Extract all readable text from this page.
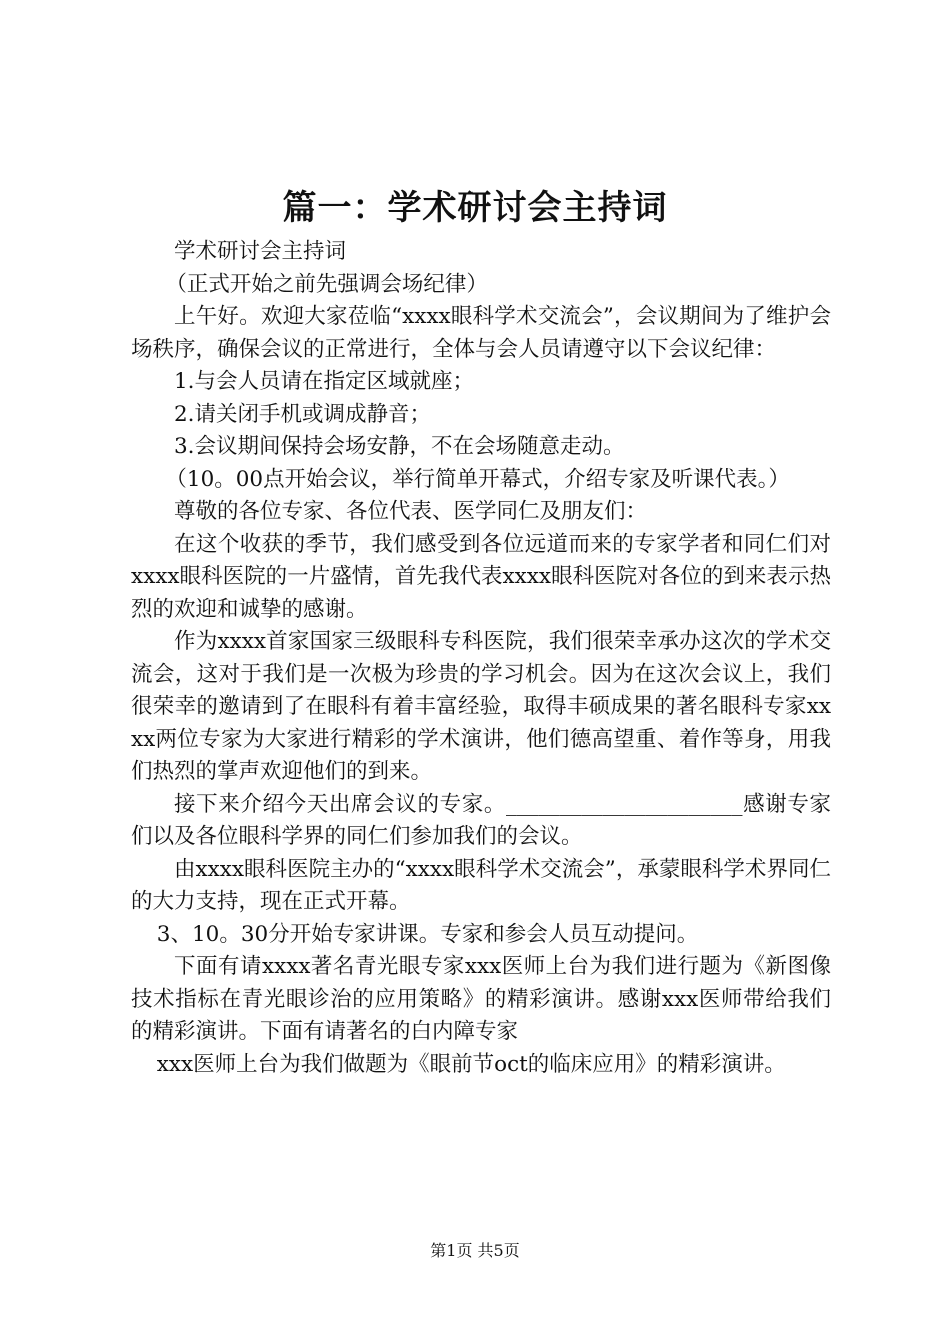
篇一：学术研讨会主持词

学术研讨会主持词

（正式开始之前先强调会场纪律）

上午好。欢迎大家莅临“xxxx眼科学术交流会”，会议期间为了维护会场秩序，确保会议的正常进行，全体与会人员请遵守以下会议纪律：

1.与会人员请在指定区域就座；

2.请关闭手机或调成静音；

3.会议期间保持会场安静，不在会场随意走动。

（10。00点开始会议，举行简单开幕式，介绍专家及听课代表。）

尊敬的各位专家、各位代表、医学同仁及朋友们：

在这个收获的季节，我们感受到各位远道而来的专家学者和同仁们对xxxx眼科医院的一片盛情，首先我代表xxxx眼科医院对各位的到来表示热烈的欢迎和诚挚的感谢。

作为xxxx首家国家三级眼科专科医院，我们很荣幸承办这次的学术交流会，这对于我们是一次极为珍贵的学习机会。因为在这次会议上，我们很荣幸的邀请到了在眼科有着丰富经验，取得丰硕成果的著名眼科专家xxxx两位专家为大家进行精彩的学术演讲，他们德高望重、着作等身，用我们热烈的掌声欢迎他们的到来。

接下来介绍今天出席会议的专家。______________________感谢专家们以及各位眼科学界的同仁们参加我们的会议。

由xxxx眼科医院主办的“xxxx眼科学术交流会”，承蒙眼科学术界同仁的大力支持，现在正式开幕。

3、10。30分开始专家讲课。专家和参会人员互动提问。

下面有请xxxx著名青光眼专家xxx医师上台为我们进行题为《新图像技术指标在青光眼诊治的应用策略》的精彩演讲。感谢xxx医师带给我们的精彩演讲。下面有请著名的白内障专家

xxx医师上台为我们做题为《眼前节oct的临床应用》的精彩演讲。

第1页 共5页
